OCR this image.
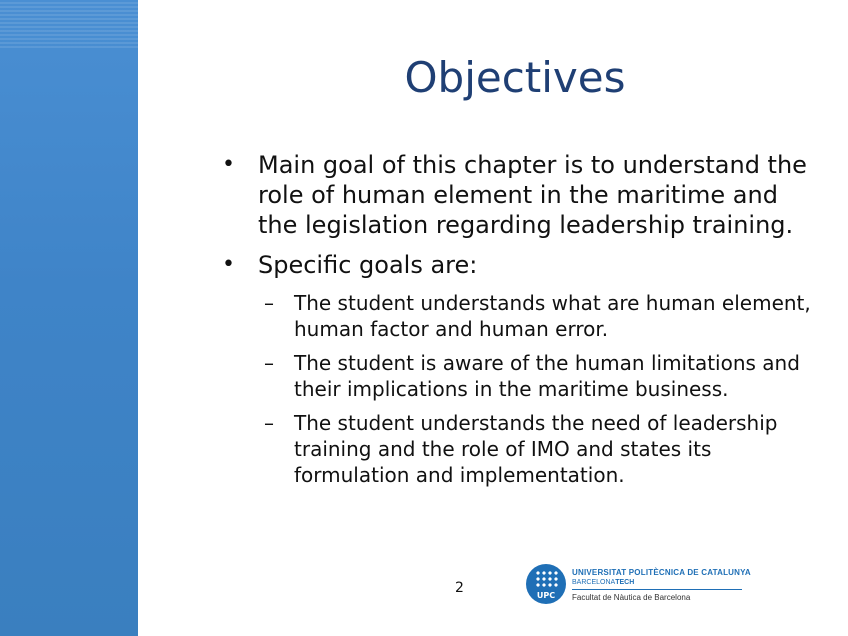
Objectives
• Main goal of this chapter is to understand the role of human element in the maritime and the legislation regarding leadership training.
• Specific goals are:
–	The student understands what are human element, human factor and human error.
–	The student is aware of the human limitations and their implications in the maritime business.
–	The student understands the need of leadership training and the role of IMO and states its formulation and implementation.
2	UPC
UNIVERSITAT POLITÈCNICA DE CATALUNYA
BARCELONATECH
Facultat de Nàutica de Barcelona
